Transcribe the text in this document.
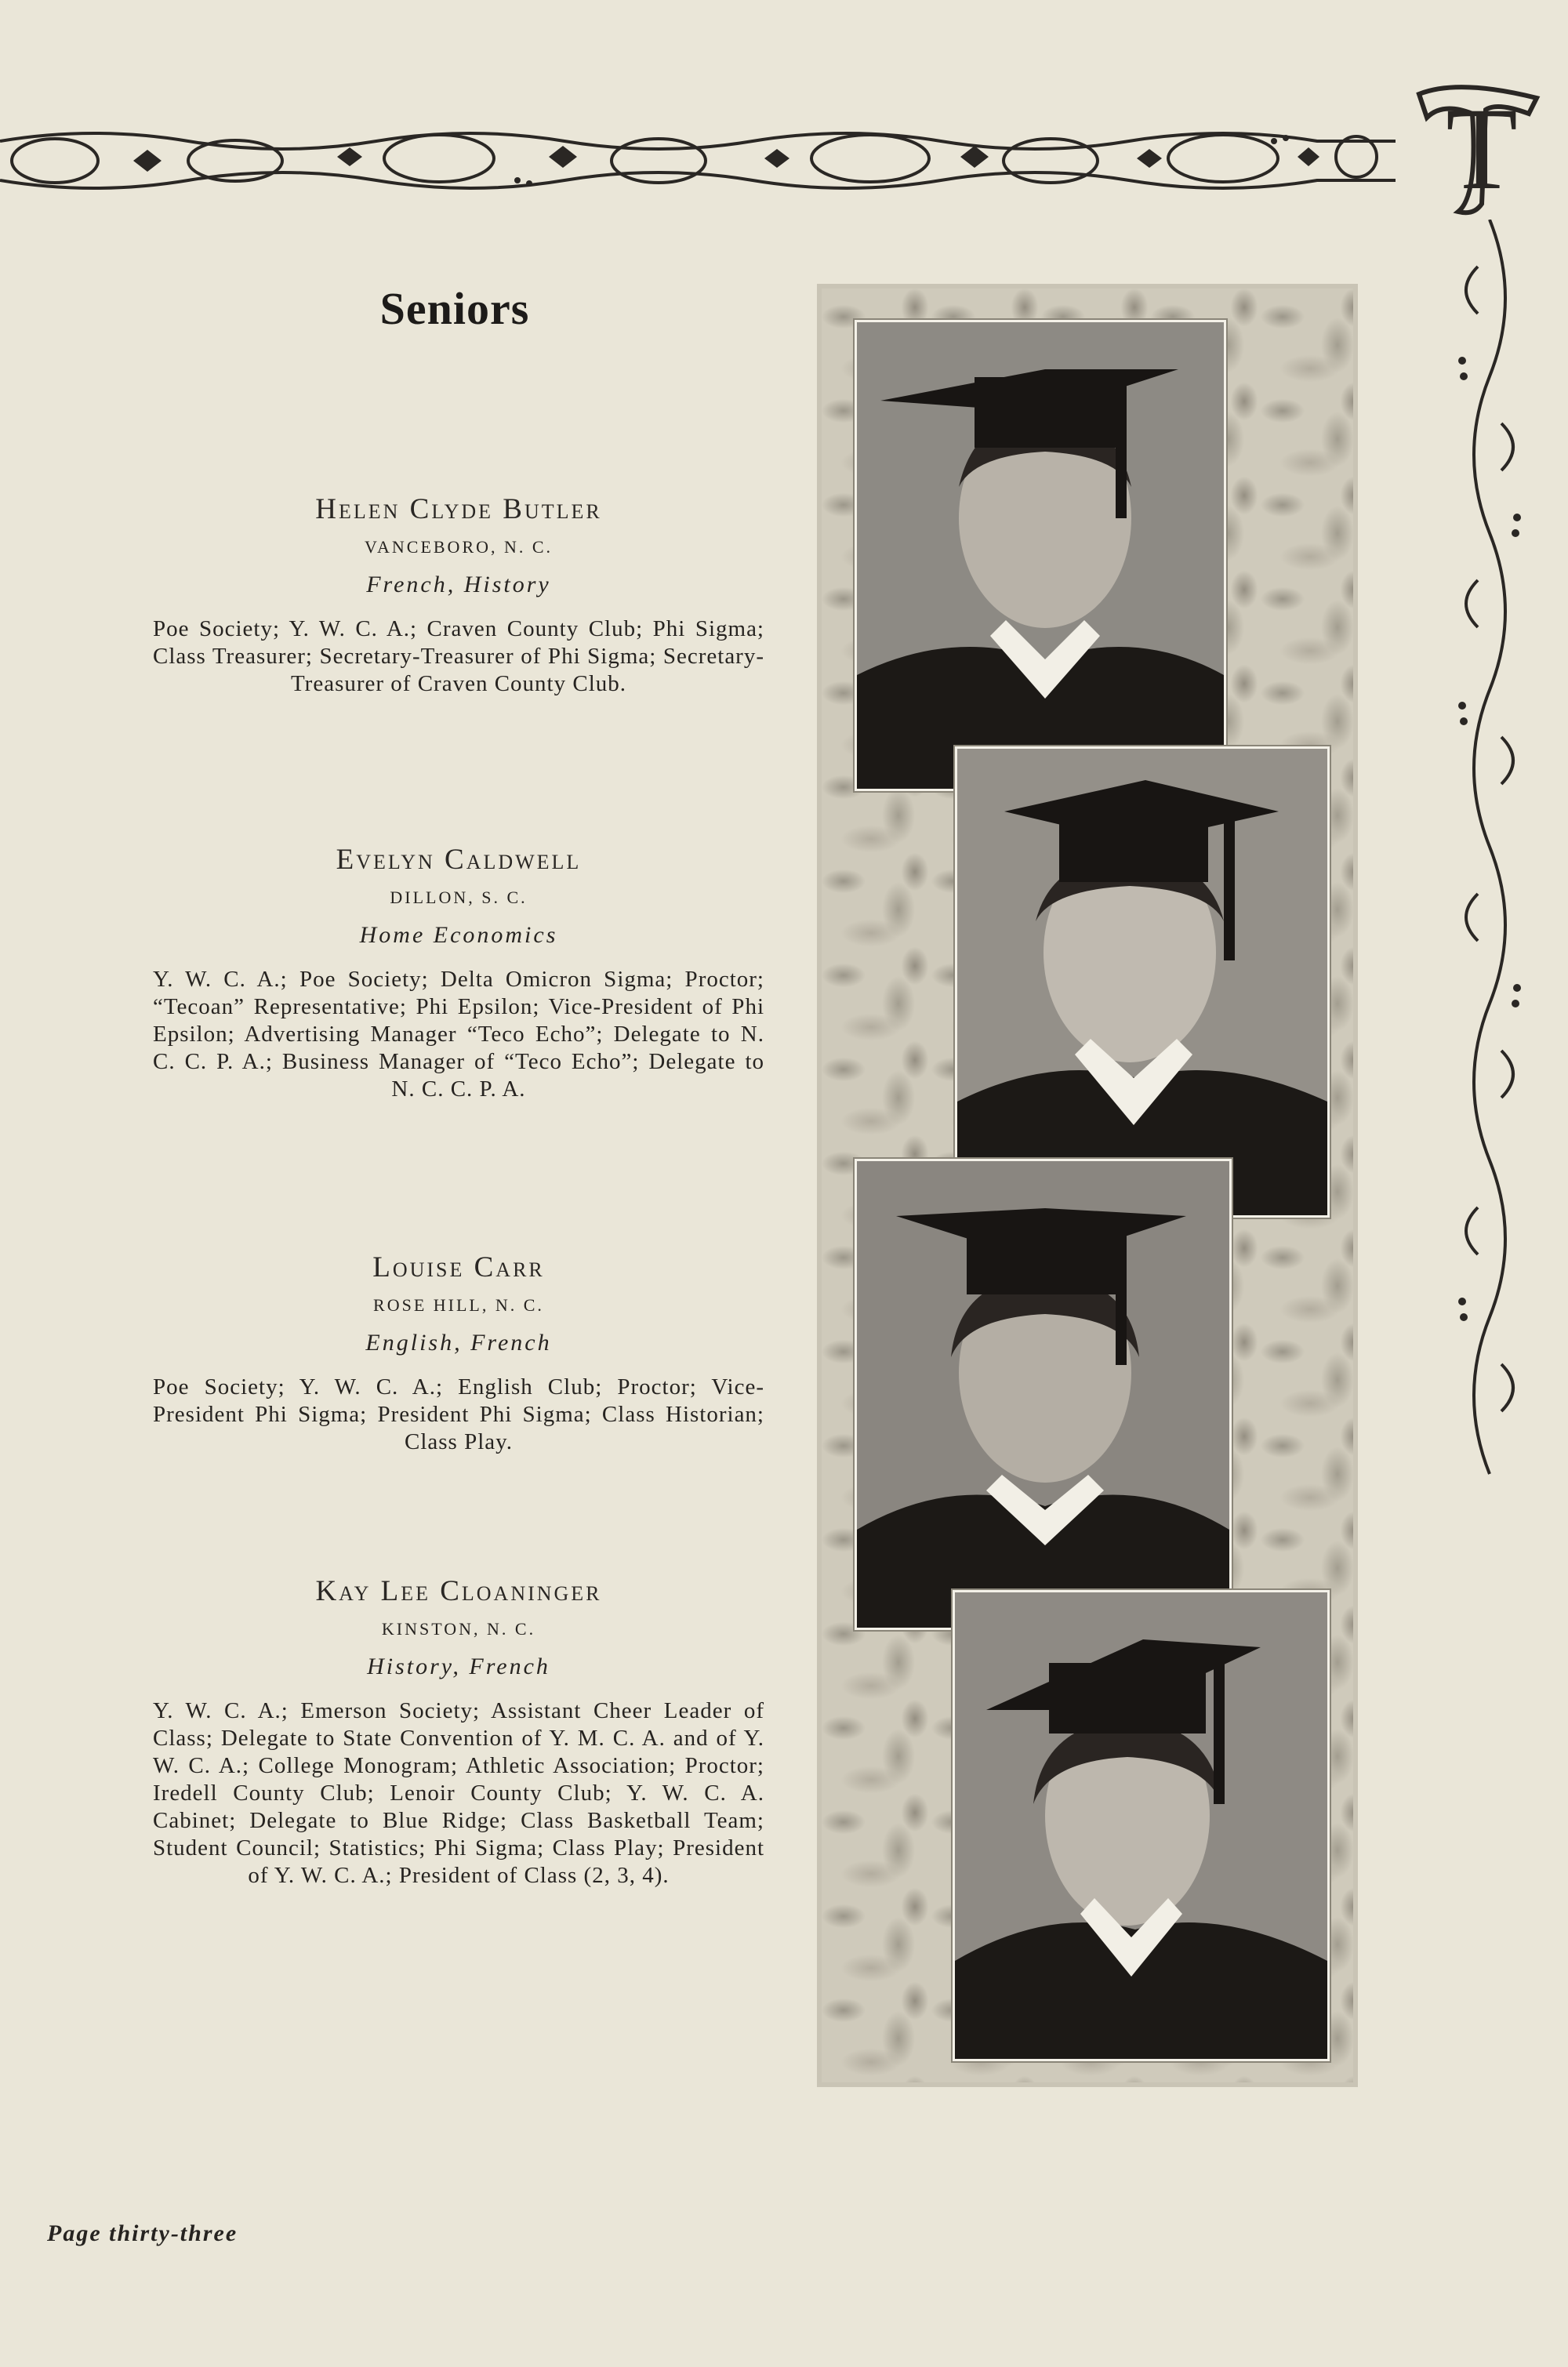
T
Seniors
Helen Clyde Butler
VANCEBORO, N. C.
French, History
Poe Society; Y. W. C. A.; Craven County Club; Phi Sigma; Class Treasurer; Secretary-Treasurer of Phi Sigma; Secretary-Treasurer of Craven County Club.
Evelyn Caldwell
DILLON, S. C.
Home Economics
Y. W. C. A.; Poe Society; Delta Omicron Sigma; Proctor; “Tecoan” Representative; Phi Epsilon; Vice-President of Phi Epsilon; Advertising Manager “Teco Echo”; Delegate to N. C. C. P. A.; Business Manager of “Teco Echo”; Delegate to N. C. C. P. A.
Louise Carr
ROSE HILL, N. C.
English, French
Poe Society; Y. W. C. A.; English Club; Proctor; Vice-President Phi Sigma; President Phi Sigma; Class Historian; Class Play.
Kay Lee Cloaninger
KINSTON, N. C.
History, French
Y. W. C. A.; Emerson Society; Assistant Cheer Leader of Class; Delegate to State Convention of Y. M. C. A. and of Y. W. C. A.; College Monogram; Athletic Association; Proctor; Iredell County Club; Lenoir County Club; Y. W. C. A. Cabinet; Delegate to Blue Ridge; Class Basketball Team; Student Council; Statistics; Phi Sigma; Class Play; President of Y. W. C. A.; President of Class (2, 3, 4).
Page thirty-three
